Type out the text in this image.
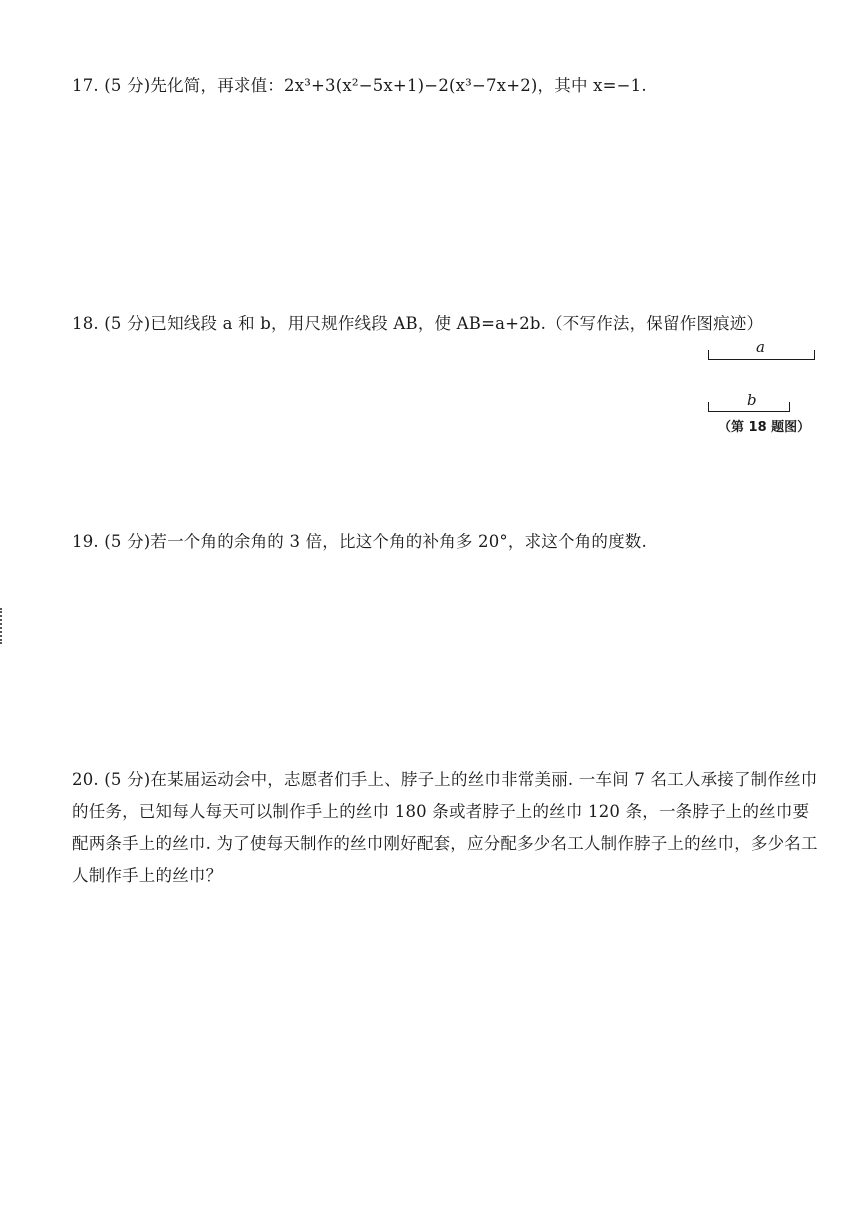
17. (5 分)先化简，再求值：2x³+3(x²−5x+1)−2(x³−7x+2)，其中 x=−1.
18. (5 分)已知线段 a 和 b，用尺规作线段 AB，使 AB=a+2b.（不写作法，保留作图痕迹）
a
b
（第 18 题图）
19. (5 分)若一个角的余角的 3 倍，比这个角的补角多 20°，求这个角的度数.
20. (5 分)在某届运动会中，志愿者们手上、脖子上的丝巾非常美丽. 一车间 7 名工人承接了制作丝巾的任务，已知每人每天可以制作手上的丝巾 180 条或者脖子上的丝巾 120 条，一条脖子上的丝巾要配两条手上的丝巾. 为了使每天制作的丝巾刚好配套，应分配多少名工人制作脖子上的丝巾，多少名工人制作手上的丝巾？
